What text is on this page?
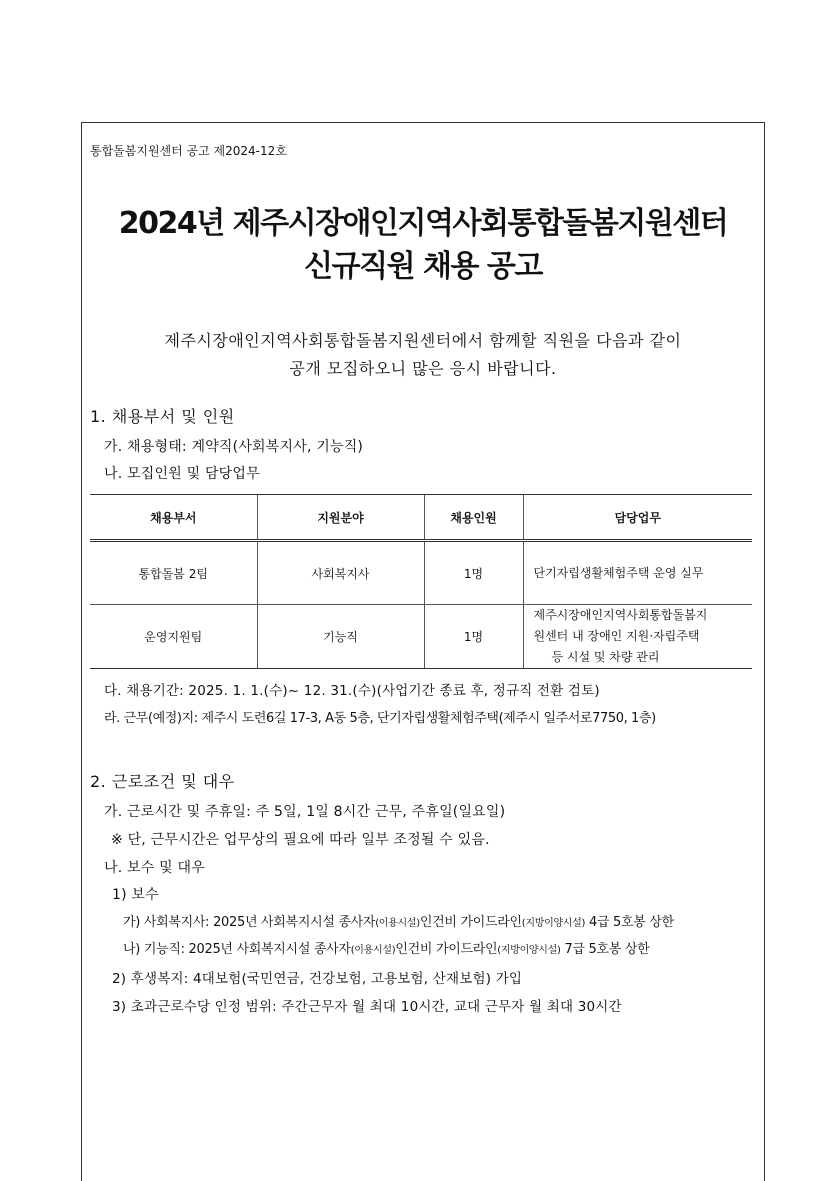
통합돌봄지원센터 공고 제2024-12호
2024년 제주시장애인지역사회통합돌봄지원센터
신규직원 채용 공고
제주시장애인지역사회통합돌봄지원센터에서 함께할 직원을 다음과 같이
공개 모집하오니 많은 응시 바랍니다.
1. 채용부서 및 인원
가. 채용형태: 계약직(사회복지사, 기능직)
나. 모집인원 및 담당업무
채용부서	지원분야	채용인원	담당업무
통합돌봄 2팀	사회복지사	1명	단기자립생활체험주택 운영 실무
운영지원팀	기능직	1명	제주시장애인지역사회통합돌봄지
원센터 내 장애인 지원·자립주택
등 시설 및 차량 관리
다. 채용기간: 2025. 1. 1.(수)~ 12. 31.(수)(사업기간 종료 후, 정규직 전환 검토)
라. 근무(예정)지: 제주시 도련6길 17-3, A동 5층, 단기자립생활체험주택(제주시 일주서로7750, 1층)
2. 근로조건 및 대우
가. 근로시간 및 주휴일: 주 5일, 1일 8시간 근무, 주휴일(일요일)
※ 단, 근무시간은 업무상의 필요에 따라 일부 조정될 수 있음.
나. 보수 및 대우
1) 보수
가) 사회복지사: 2025년 사회복지시설 종사자(이용시설)인건비 가이드라인(지방이양시설) 4급 5호봉 상한
나) 기능직: 2025년 사회복지시설 종사자(이용시설)인건비 가이드라인(지방이양시설) 7급 5호봉 상한
2) 후생복지: 4대보험(국민연금, 건강보험, 고용보험, 산재보험) 가입
3) 초과근로수당 인정 범위: 주간근무자 월 최대 10시간, 교대 근무자 월 최대 30시간
